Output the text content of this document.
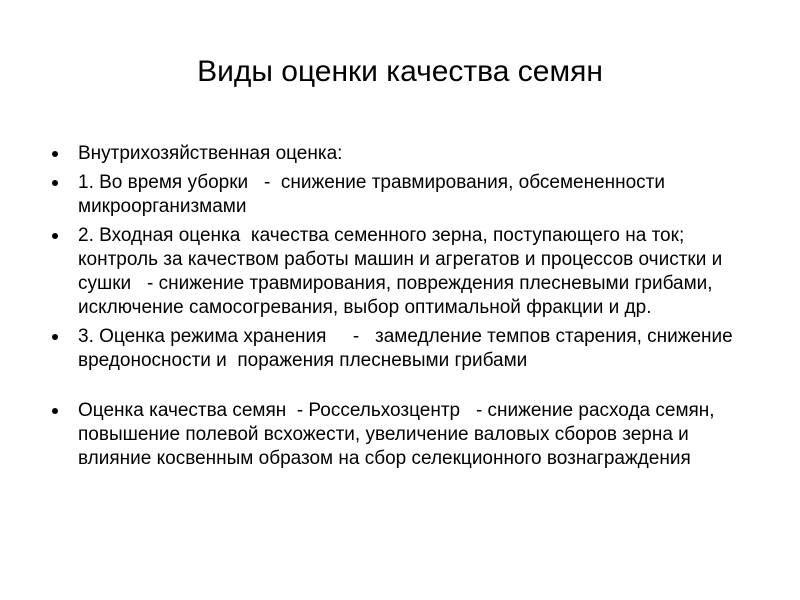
Виды оценки качества семян
Внутрихозяйственная оценка:
1. Во время уборки   -  снижение травмирования, обсемененности микроорганизмами
2. Входная оценка  качества семенного зерна, поступающего на ток; контроль за качеством работы машин и агрегатов и процессов очистки и сушки   - снижение травмирования, повреждения плесневыми грибами, исключение самосогревания, выбор оптимальной фракции и др.
3. Оценка режима хранения     -   замедление темпов старения, снижение вредоносности и  поражения плесневыми грибами
Оценка качества семян  - Россельхозцентр   - снижение расхода семян, повышение полевой всхожести, увеличение валовых сборов зерна и влияние косвенным образом на сбор селекционного вознаграждения
